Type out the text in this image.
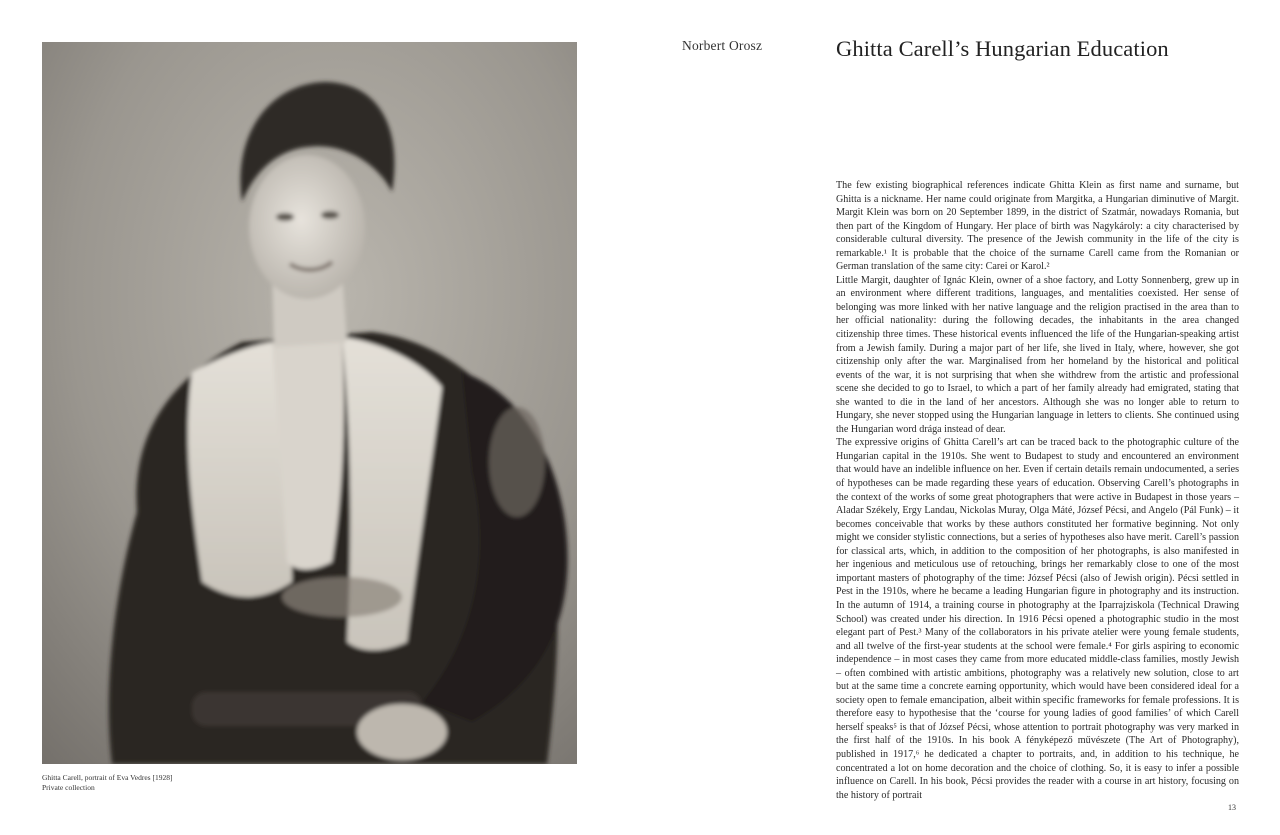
Ghitta Carell, portrait of Eva Vedres [1928]
Private collection
Norbert Orosz	Ghitta Carell’s Hungarian Education

The few existing biographical references indicate Ghitta Klein as first name and surname, but Ghitta is a nickname. Her name could originate from Margitka, a Hungarian diminutive of Margit. Margit Klein was born on 20 September 1899, in the district of Szatmár, nowadays Romania, but then part of the Kingdom of Hungary. Her place of birth was Nagykároly: a city characterised by considerable cultural diversity. The presence of the Jewish community in the life of the city is remarkable.¹ It is probable that the choice of the surname Carell came from the Romanian or German translation of the same city: Carei or Karol.²

Little Margit, daughter of Ignác Klein, owner of a shoe factory, and Lotty Sonnenberg, grew up in an environment where different traditions, languages, and mentalities coexisted. Her sense of belonging was more linked with her native language and the religion practised in the area than to her official nationality: during the following decades, the inhabitants in the area changed citizenship three times. These historical events influenced the life of the Hungarian-speaking artist from a Jewish family. During a major part of her life, she lived in Italy, where, however, she got citizenship only after the war. Marginalised from her homeland by the historical and political events of the war, it is not surprising that when she withdrew from the artistic and professional scene she decided to go to Israel, to which a part of her family already had emigrated, stating that she wanted to die in the land of her ancestors. Although she was no longer able to return to Hungary, she never stopped using the Hungarian language in letters to clients. She continued using the Hungarian word drága instead of dear.

The expressive origins of Ghitta Carell’s art can be traced back to the photographic culture of the Hungarian capital in the 1910s. She went to Budapest to study and encountered an environment that would have an indelible influence on her. Even if certain details remain undocumented, a series of hypotheses can be made regarding these years of education. Observing Carell’s photographs in the context of the works of some great photographers that were active in Budapest in those years – Aladar Székely, Ergy Landau, Nickolas Muray, Olga Máté, József Pécsi, and Angelo (Pál Funk) – it becomes conceivable that works by these authors constituted her formative beginning. Not only might we consider stylistic connections, but a series of hypotheses also have merit. Carell’s passion for classical arts, which, in addition to the composition of her photographs, is also manifested in her ingenious and meticulous use of retouching, brings her remarkably close to one of the most important masters of photography of the time: József Pécsi (also of Jewish origin). Pécsi settled in Pest in the 1910s, where he became a leading Hungarian figure in photography and its instruction. In the autumn of 1914, a training course in photography at the Iparrajziskola (Technical Drawing School) was created under his direction. In 1916 Pécsi opened a photographic studio in the most elegant part of Pest.³ Many of the collaborators in his private atelier were young female students, and all twelve of the first-year students at the school were female.⁴ For girls aspiring to economic independence – in most cases they came from more educated middle-class families, mostly Jewish – often combined with artistic ambitions, photography was a relatively new solution, close to art but at the same time a concrete earning opportunity, which would have been considered ideal for a society open to female emancipation, albeit within specific frameworks for female professions. It is therefore easy to hypothesise that the ‘course for young ladies of good families’ of which Carell herself speaks⁵ is that of József Pécsi, whose attention to portrait photography was very marked in the first half of the 1910s. In his book A fényképező művészete (The Art of Photography), published in 1917,⁶ he dedicated a chapter to portraits, and, in addition to his technique, he concentrated a lot on home decoration and the choice of clothing. So, it is easy to infer a possible influence on Carell. In his book, Pécsi provides the reader with a course in art history, focusing on the history of portrait

13
